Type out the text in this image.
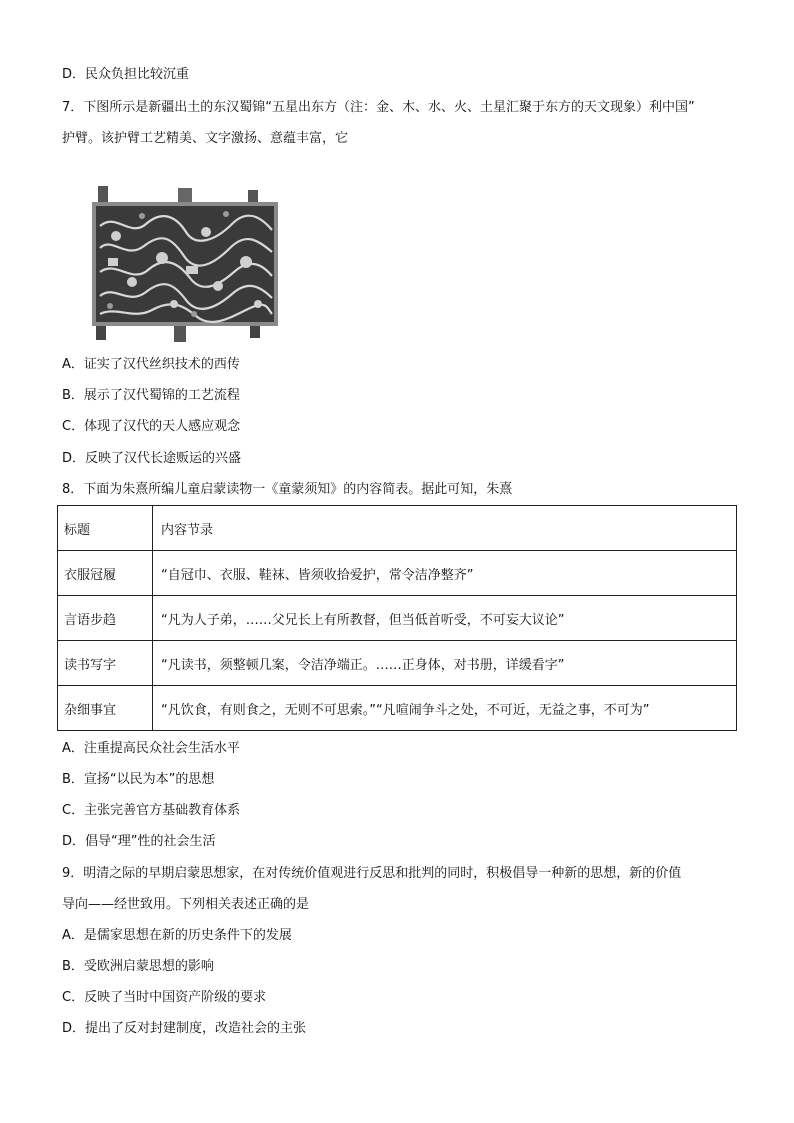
D．民众负担比较沉重
7．下图所示是新疆出土的东汉蜀锦“五星出东方（注：金、木、水、火、土星汇聚于东方的天文现象）利中国”
护臂。该护臂工艺精美、文字激扬、意蕴丰富，它
A．证实了汉代丝织技术的西传
B．展示了汉代蜀锦的工艺流程
C．体现了汉代的天人感应观念
D．反映了汉代长途贩运的兴盛
8．下面为朱熹所编儿童启蒙读物一《童蒙须知》的内容简表。据此可知，朱熹
标题	内容节录
衣服冠履	“自冠巾、衣服、鞋袜、皆须收拾爱护，常令洁净整齐”
言语步趋	“凡为人子弟，……父兄长上有所教督，但当低首听受，不可妄大议论”
读书写字	“凡读书，须整顿几案，令洁净端正。……正身体，对书册，详缓看字”
杂细事宜	“凡饮食，有则食之，无则不可思索。”“凡喧闹争斗之处，不可近，无益之事，不可为”
A．注重提高民众社会生活水平
B．宣扬“以民为本”的思想
C．主张完善官方基础教育体系
D．倡导“理”性的社会生活
9．明清之际的早期启蒙思想家，在对传统价值观进行反思和批判的同时，积极倡导一种新的思想，新的价值
导向——经世致用。下列相关表述正确的是
A．是儒家思想在新的历史条件下的发展
B．受欧洲启蒙思想的影响
C．反映了当时中国资产阶级的要求
D．提出了反对封建制度，改造社会的主张
